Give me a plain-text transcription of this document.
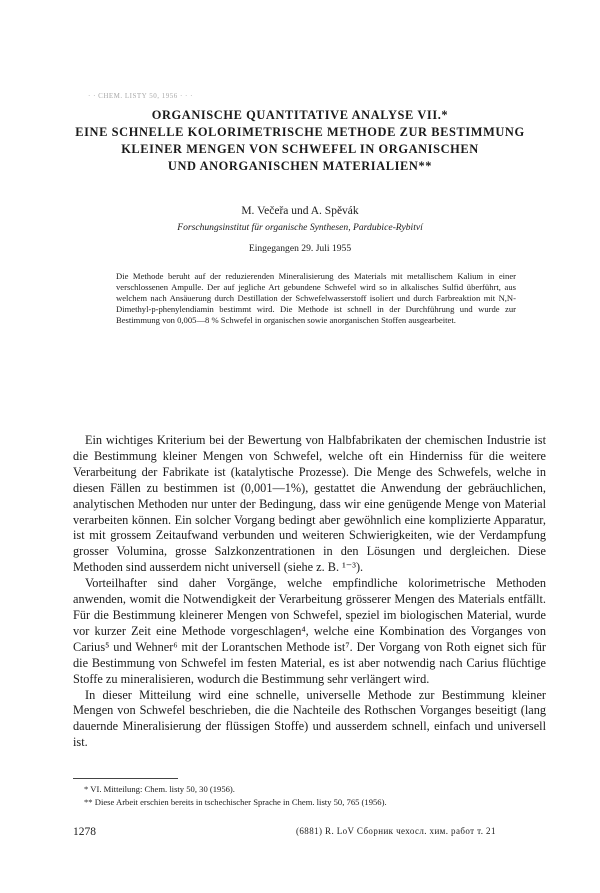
· · CHEM. LISTY 50, 1956 · · ·
ORGANISCHE QUANTITATIVE ANALYSE VII.*
EINE SCHNELLE KOLORIMETRISCHE METHODE ZUR BESTIMMUNG
KLEINER MENGEN VON SCHWEFEL IN ORGANISCHEN
UND ANORGANISCHEN MATERIALIEN**
M. Večeřa und A. Spěvák
Forschungsinstitut für organische Synthesen, Pardubice-Rybitví
Eingegangen 29. Juli 1955
Die Methode beruht auf der reduzierenden Mineralisierung des Materials mit metallischem Kalium in einer verschlossenen Ampulle. Der auf jegliche Art gebundene Schwefel wird so in alkalisches Sulfid überführt, aus welchem nach Ansäuerung durch Destillation der Schwefelwasserstoff isoliert und durch Farbreaktion mit N,N-Dimethyl-p-phenylendiamin bestimmt wird. Die Methode ist schnell in der Durchführung und wurde zur Bestimmung von 0,005—8 % Schwefel in organischen sowie anorganischen Stoffen ausgearbeitet.

Ein wichtiges Kriterium bei der Bewertung von Halbfabrikaten der chemischen Industrie ist die Bestimmung kleiner Mengen von Schwefel, welche oft ein Hinderniss für die weitere Verarbeitung der Fabrikate ist (katalytische Prozesse). Die Menge des Schwefels, welche in diesen Fällen zu bestimmen ist (0,001—1%), gestattet die Anwendung der gebräuchlichen, analytischen Methoden nur unter der Bedingung, dass wir eine genügende Menge von Material verarbeiten können. Ein solcher Vorgang bedingt aber gewöhnlich eine komplizierte Apparatur, ist mit grossem Zeitaufwand verbunden und weiteren Schwierigkeiten, wie der Verdampfung grosser Volumina, grosse Salzkonzentrationen in den Lösungen und dergleichen. Diese Methoden sind ausserdem nicht universell (siehe z. B. ¹⁻³).

Vorteilhafter sind daher Vorgänge, welche empfindliche kolorimetrische Methoden anwenden, womit die Notwendigkeit der Verarbeitung grösserer Mengen des Materials entfällt. Für die Bestimmung kleinerer Mengen von Schwefel, speziel im biologischen Material, wurde vor kurzer Zeit eine Methode vorgeschlagen⁴, welche eine Kombination des Vorganges von Carius⁵ und Wehner⁶ mit der Lorantschen Methode ist⁷. Der Vorgang von Roth eignet sich für die Bestimmung von Schwefel im festen Material, es ist aber notwendig nach Carius flüchtige Stoffe zu mineralisieren, wodurch die Bestimmung sehr verlängert wird.

In dieser Mitteilung wird eine schnelle, universelle Methode zur Bestimmung kleiner Mengen von Schwefel beschrieben, die die Nachteile des Rothschen Vorganges beseitigt (lang dauernde Mineralisierung der flüssigen Stoffe) und ausserdem schnell, einfach und universell ist.

* VI. Mitteilung: Chem. listy 50, 30 (1956).
** Diese Arbeit erschien bereits in tschechischer Sprache in Chem. listy 50, 765 (1956).
1278	(6881) R. LoV Сборник чехосл. хим. работ т. 21
